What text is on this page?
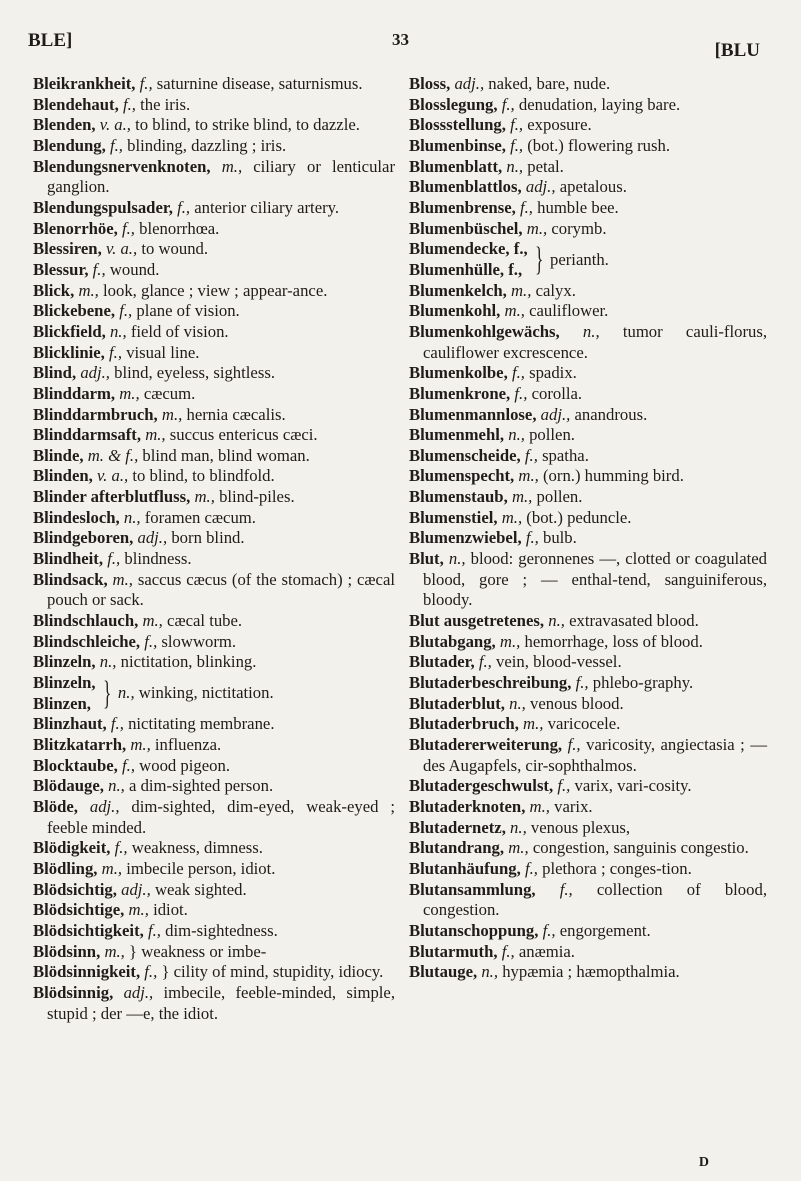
BLE]	33
[BLU

Bleikrankheit, f., saturnine disease, saturnismus.

Blendehaut, f., the iris.

Blenden, v. a., to blind, to strike blind, to dazzle.

Blendung, f., blinding, dazzling ; iris.

Blendungsnervenknoten, m., ciliary or lenticular ganglion.

Blendungspulsader, f., anterior ciliary artery.

Blenorrhöe, f., blenorrhœa.

Blessiren, v. a., to wound.

Blessur, f., wound.

Blick, m., look, glance ; view ; appear-ance.

Blickebene, f., plane of vision.

Blickfield, n., field of vision.

Blicklinie, f., visual line.

Blind, adj., blind, eyeless, sightless.

Blinddarm, m., cæcum.

Blinddarmbruch, m., hernia cæcalis.

Blinddarmsaft, m., succus entericus cæci.

Blinde, m. & f., blind man, blind woman.

Blinden, v. a., to blind, to blindfold.

Blinder afterblutfluss, m., blind-piles.

Blindesloch, n., foramen cæcum.

Blindgeboren, adj., born blind.

Blindheit, f., blindness.

Blindsack, m., saccus cæcus (of the stomach) ; cæcal pouch or sack.

Blindschlauch, m., cæcal tube.

Blindschleiche, f., slowworm.

Blinzeln, n., nictitation, blinking.

Blinzeln,
Blinzen, } n., winking, nictitation.

Blinzhaut, f., nictitating membrane.

Blitzkatarrh, m., influenza.

Blocktaube, f., wood pigeon.

Blödauge, n., a dim-sighted person.

Blöde, adj., dim-sighted, dim-eyed, weak-eyed ; feeble minded.

Blödigkeit, f., weakness, dimness.

Blödling, m., imbecile person, idiot.

Blödsichtig, adj., weak sighted.

Blödsichtige, m., idiot.

Blödsichtigkeit, f., dim-sightedness.

Blödsinn, m., } weakness or imbe-

Blödsinnigkeit, f., } cility of mind, stupidity, idiocy.

Blödsinnig, adj., imbecile, feeble-minded, simple, stupid ; der —e, the idiot.

Bloss, adj., naked, bare, nude.

Blosslegung, f., denudation, laying bare.

Blossstellung, f., exposure.

Blumenbinse, f., (bot.) flowering rush.

Blumenblatt, n., petal.

Blumenblattlos, adj., apetalous.

Blumenbrense, f., humble bee.

Blumenbüschel, m., corymb.

Blumendecke, f.,
Blumenhülle, f., } perianth.

Blumenkelch, m., calyx.

Blumenkohl, m., cauliflower.

Blumenkohlgewächs, n., tumor cauli-florus, cauliflower excrescence.

Blumenkolbe, f., spadix.

Blumenkrone, f., corolla.

Blumenmannlose, adj., anandrous.

Blumenmehl, n., pollen.

Blumenscheide, f., spatha.

Blumenspecht, m., (orn.) humming bird.

Blumenstaub, m., pollen.

Blumenstiel, m., (bot.) peduncle.

Blumenzwiebel, f., bulb.

Blut, n., blood: geronnenes —, clotted or coagulated blood, gore ; — enthal-tend, sanguiniferous, bloody.

Blut ausgetretenes, n., extravasated blood.

Blutabgang, m., hemorrhage, loss of blood.

Blutader, f., vein, blood-vessel.

Blutaderbeschreibung, f., phlebo-graphy.

Blutaderblut, n., venous blood.

Blutaderbruch, m., varicocele.

Blutadererweiterung, f., varicosity, angiectasia ; — des Augapfels, cir-sophthalmos.

Blutadergeschwulst, f., varix, vari-cosity.

Blutaderknoten, m., varix.

Blutadernetz, n., venous plexus,

Blutandrang, m., congestion, sanguinis congestio.

Blutanhäufung, f., plethora ; conges-tion.

Blutansammlung, f., collection of blood, congestion.

Blutanschoppung, f., engorgement.

Blutarmuth, f., anæmia.

Blutauge, n., hypæmia ; hæmopthalmia.

D
